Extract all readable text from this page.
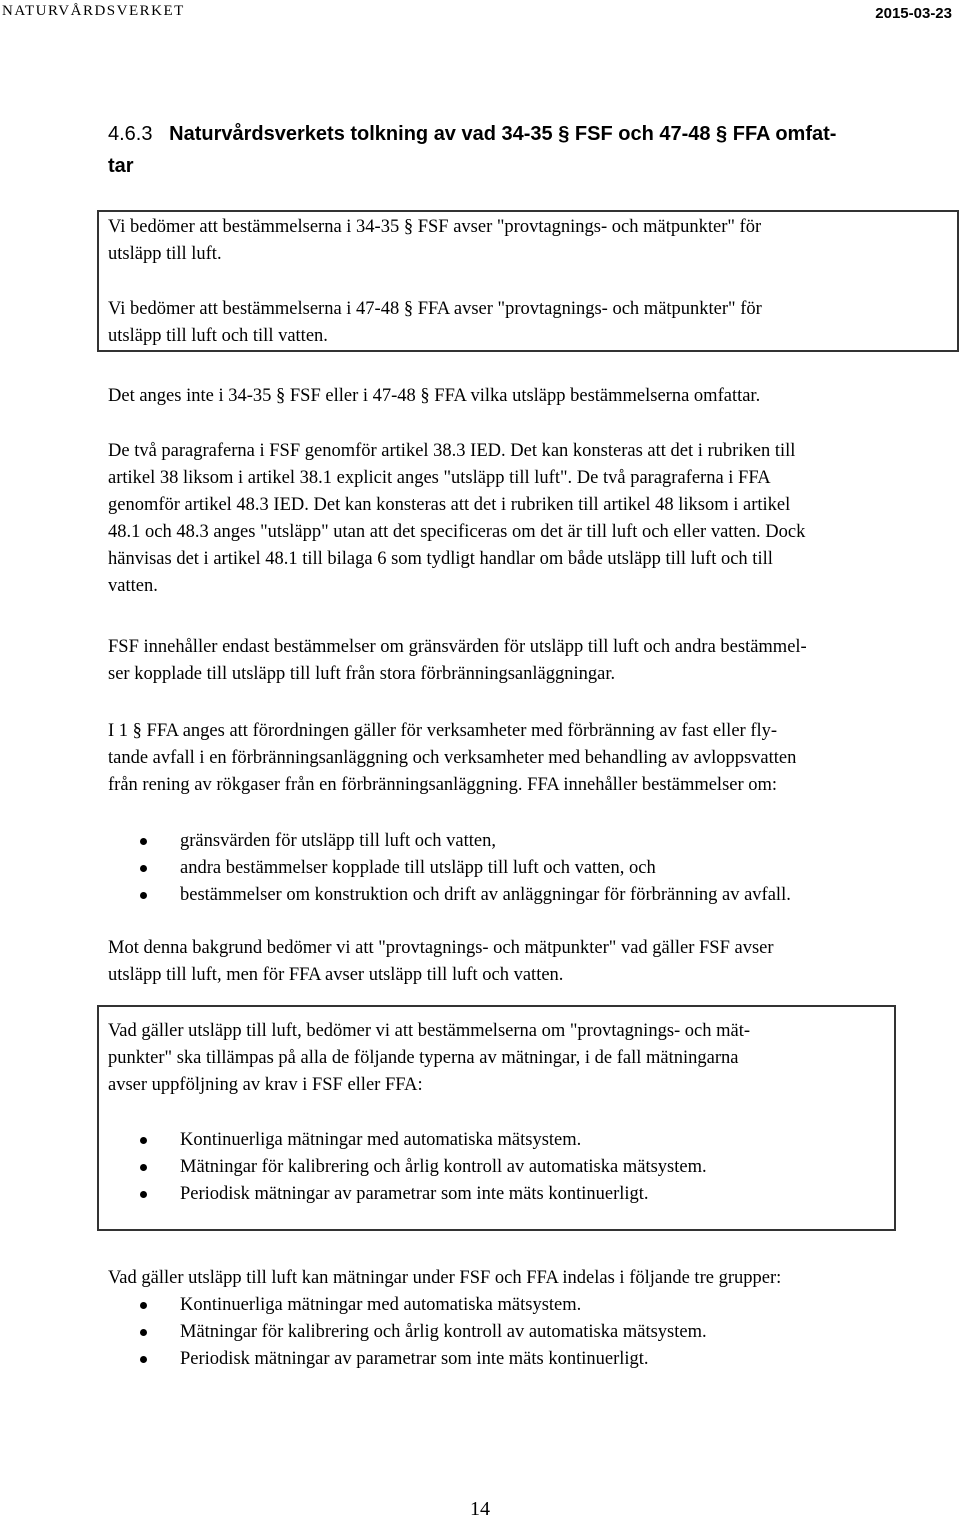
NATURVÅRDSVERKET	2015-03-23
4.6.3 Naturvårdsverkets tolkning av vad 34-35 § FSF och 47-48 § FFA omfat-
tar
Vi bedömer att bestämmelserna i 34-35 § FSF avser "provtagnings- och mätpunkter" för
utsläpp till luft.
Vi bedömer att bestämmelserna i 47-48 § FFA avser "provtagnings- och mätpunkter" för
utsläpp till luft och till vatten.
Det anges inte i 34-35 § FSF eller i 47-48 § FFA vilka utsläpp bestämmelserna omfattar.
De två paragraferna i FSF genomför artikel 38.3 IED. Det kan konsteras att det i rubriken till
artikel 38 liksom i artikel 38.1 explicit anges "utsläpp till luft". De två paragraferna i FFA
genomför artikel 48.3 IED. Det kan konsteras att det i rubriken till artikel 48 liksom i artikel
48.1 och 48.3 anges "utsläpp" utan att det specificeras om det är till luft och eller vatten. Dock
hänvisas det i artikel 48.1 till bilaga 6 som tydligt handlar om både utsläpp till luft och till
vatten.
FSF innehåller endast bestämmelser om gränsvärden för utsläpp till luft och andra bestämmel-
ser kopplade till utsläpp till luft från stora förbränningsanläggningar.
I 1 § FFA anges att förordningen gäller för verksamheter med förbränning av fast eller fly-
tande avfall i en förbränningsanläggning och verksamheter med behandling av avloppsvatten
från rening av rökgaser från en förbränningsanläggning. FFA innehåller bestämmelser om:
gränsvärden för utsläpp till luft och vatten,
andra bestämmelser kopplade till utsläpp till luft och vatten, och
bestämmelser om konstruktion och drift av anläggningar för förbränning av avfall.
Mot denna bakgrund bedömer vi att "provtagnings- och mätpunkter" vad gäller FSF avser
utsläpp till luft, men för FFA avser utsläpp till luft och vatten.
Vad gäller utsläpp till luft, bedömer vi att bestämmelserna om "provtagnings- och mät-
punkter" ska tillämpas på alla de följande typerna av mätningar, i de fall mätningarna
avser uppföljning av krav i FSF eller FFA:
Kontinuerliga mätningar med automatiska mätsystem.
Mätningar för kalibrering och årlig kontroll av automatiska mätsystem.
Periodisk mätningar av parametrar som inte mäts kontinuerligt.
Vad gäller utsläpp till luft kan mätningar under FSF och FFA indelas i följande tre grupper:
Kontinuerliga mätningar med automatiska mätsystem.
Mätningar för kalibrering och årlig kontroll av automatiska mätsystem.
Periodisk mätningar av parametrar som inte mäts kontinuerligt.
14
